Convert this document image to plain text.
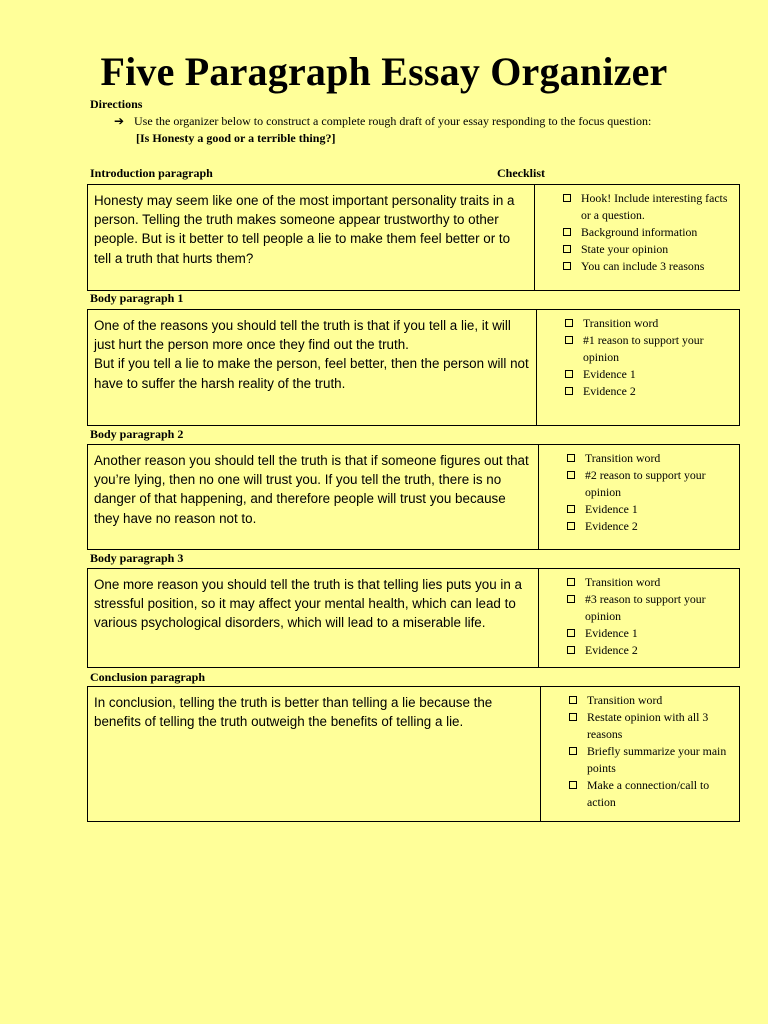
Five Paragraph Essay Organizer
Directions
➔ Use the organizer below to construct a complete rough draft of your essay responding to the focus question:
[Is Honesty a good or a terrible thing?]
Checklist
Introduction paragraph

Honesty may seem like one of the most important personality traits in a person. Telling the truth makes someone appear trustworthy to other people. But is it better to tell people a lie to make them feel better or to tell a truth that hurts them?

Hook! Include interesting facts or a question.
Background information
State your opinion
You can include 3 reasons
Body paragraph 1

One of the reasons you should tell the truth is that if you tell a lie, it will just hurt the person more once they find out the truth.

But if you tell a lie to make the person, feel better, then the person will not have to suffer the harsh reality of the truth.

Transition word
#1 reason to support your opinion
Evidence 1
Evidence 2
Body paragraph 2

Another reason you should tell the truth is that if someone figures out that you’re lying, then no one will trust you. If you tell the truth, there is no danger of that happening, and therefore people will trust you because they have no reason not to.

Transition word
#2 reason to support your opinion
Evidence 1
Evidence 2
Body paragraph 3

One more reason you should tell the truth is that telling lies puts you in a stressful position, so it may affect your mental health, which can lead to various psychological disorders, which will lead to a miserable life.

Transition word
#3 reason to support your opinion
Evidence 1
Evidence 2
Conclusion paragraph

In conclusion, telling the truth is better than telling a lie because the benefits of telling the truth outweigh the benefits of telling a lie.

Transition word
Restate opinion with all 3 reasons
Briefly summarize your main points
Make a connection/call to action
